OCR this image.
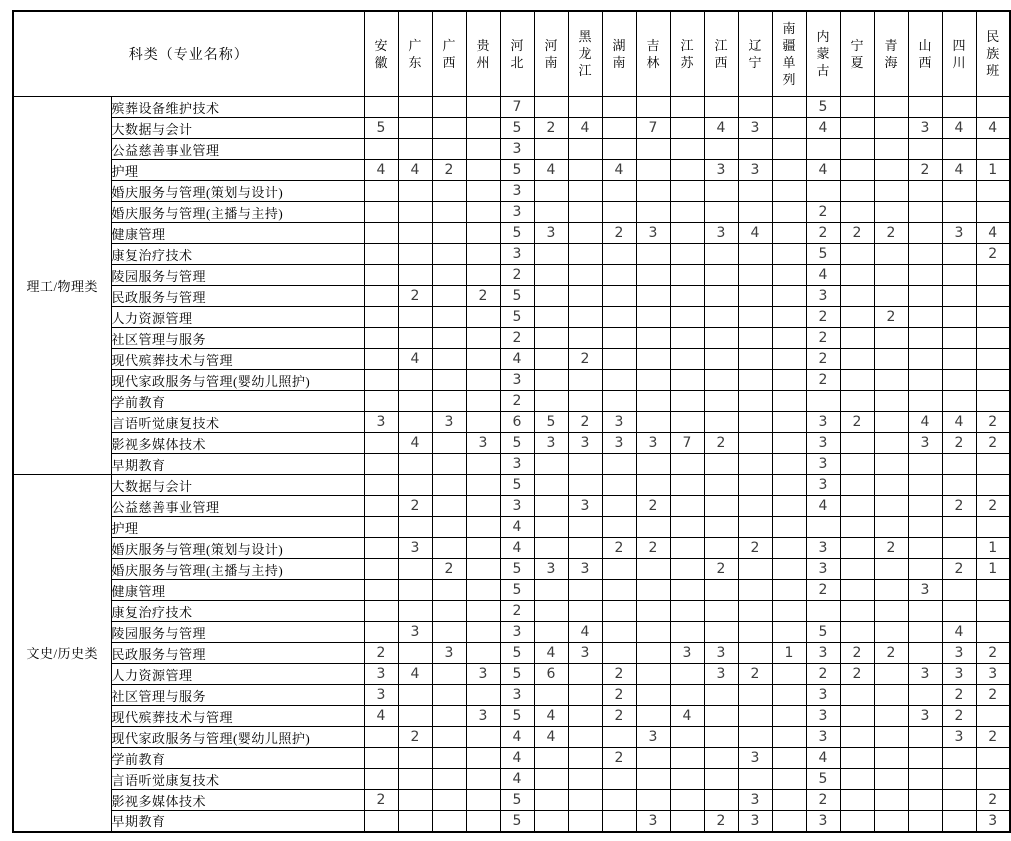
科类（专业名称）		安徽	广东	广西	贵州	河北	河南	黑龙江	湖南	吉林	江苏	江西	辽宁	南疆单列	内蒙古	宁夏	青海	山西	四川	民族班
理工/物理类	殡葬设备维护技术					7									5					
	大数据与会计	5				5	2	4		7		4	3		4			3	4	4
	公益慈善事业管理					3														
	护理	4	4	2		5	4		4			3	3		4			2	4	1
	婚庆服务与管理(策划与设计)					3														
	婚庆服务与管理(主播与主持)					3									2					
	健康管理					5	3		2	3		3	4		2	2	2		3	4
	康复治疗技术					3									5					2
	陵园服务与管理					2									4					
	民政服务与管理		2		2	5									3					
	人力资源管理					5									2		2			
	社区管理与服务					2									2					
	现代殡葬技术与管理		4			4		2							2					
	现代家政服务与管理(婴幼儿照护)					3									2					
	学前教育					2														
	言语听觉康复技术	3		3		6	5	2	3						3	2		4	4	2
	影视多媒体技术		4		3	5	3	3	3	3	7	2			3			3	2	2
	早期教育					3									3					
文史/历史类	大数据与会计					5									3					
	公益慈善事业管理		2			3		3		2					4				2	2
	护理					4														
	婚庆服务与管理(策划与设计)		3			4			2	2			2		3		2			1
	婚庆服务与管理(主播与主持)			2		5	3	3				2			3				2	1
	健康管理					5									2			3		
	康复治疗技术					2														
	陵园服务与管理		3			3		4							5				4	
	民政服务与管理	2		3		5	4	3			3	3		1	3	2	2		3	2
	人力资源管理	3	4		3	5	6		2			3	2		2	2		3	3	3
	社区管理与服务	3				3			2						3				2	2
	现代殡葬技术与管理	4			3	5	4		2		4				3			3	2	
	现代家政服务与管理(婴幼儿照护)		2			4	4			3					3				3	2
	学前教育					4			2				3		4					
	言语听觉康复技术					4									5					
	影视多媒体技术	2				5							3		2					2
	早期教育					5				3		2	3		3					3
